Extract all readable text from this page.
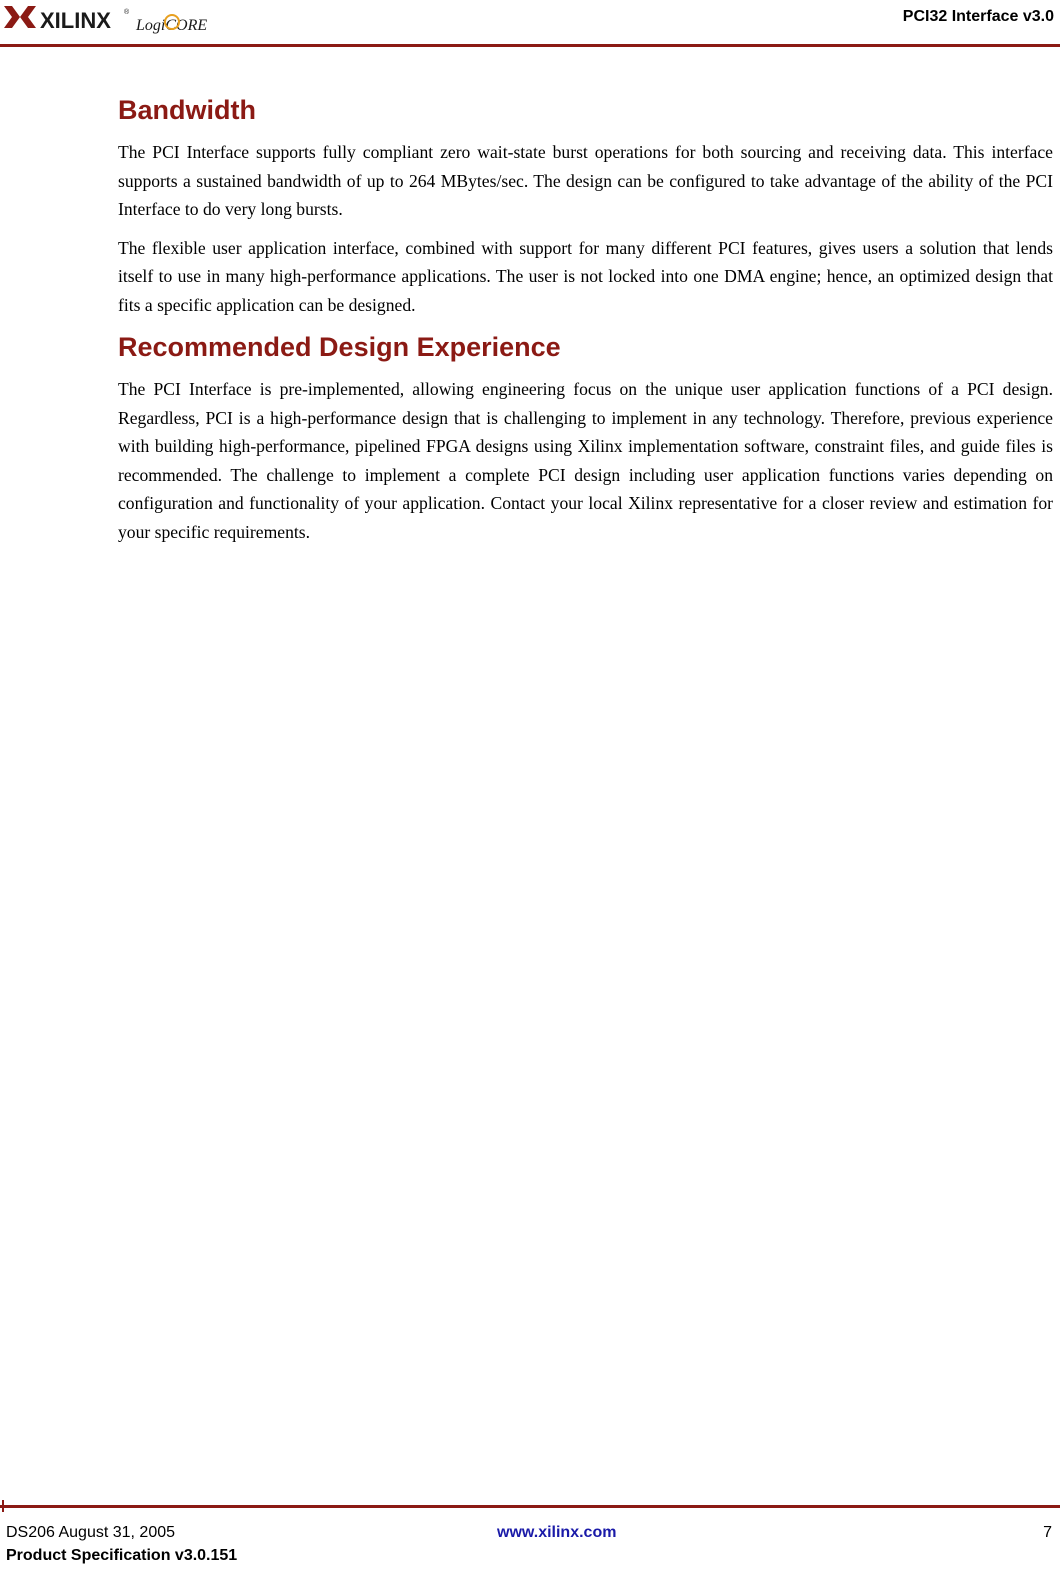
XILINX ®
LogiCORE
PCI32 Interface v3.0
Bandwidth

The PCI Interface supports fully compliant zero wait-state burst operations for both sourcing and receiving data. This interface supports a sustained bandwidth of up to 264 MBytes/sec. The design can be configured to take advantage of the ability of the PCI Interface to do very long bursts.

The flexible user application interface, combined with support for many different PCI features, gives users a solution that lends itself to use in many high-performance applications. The user is not locked into one DMA engine; hence, an optimized design that fits a specific application can be designed.

Recommended Design Experience

The PCI Interface is pre-implemented, allowing engineering focus on the unique user application functions of a PCI design. Regardless, PCI is a high-performance design that is challenging to implement in any technology. Therefore, previous experience with building high-performance, pipelined FPGA designs using Xilinx implementation software, constraint files, and guide files is recommended. The challenge to implement a complete PCI design including user application functions varies depending on configuration and functionality of your application. Contact your local Xilinx representative for a closer review and estimation for your specific requirements.

DS206 August 31, 2005
Product Specification v3.0.151
www.xilinx.com	7
